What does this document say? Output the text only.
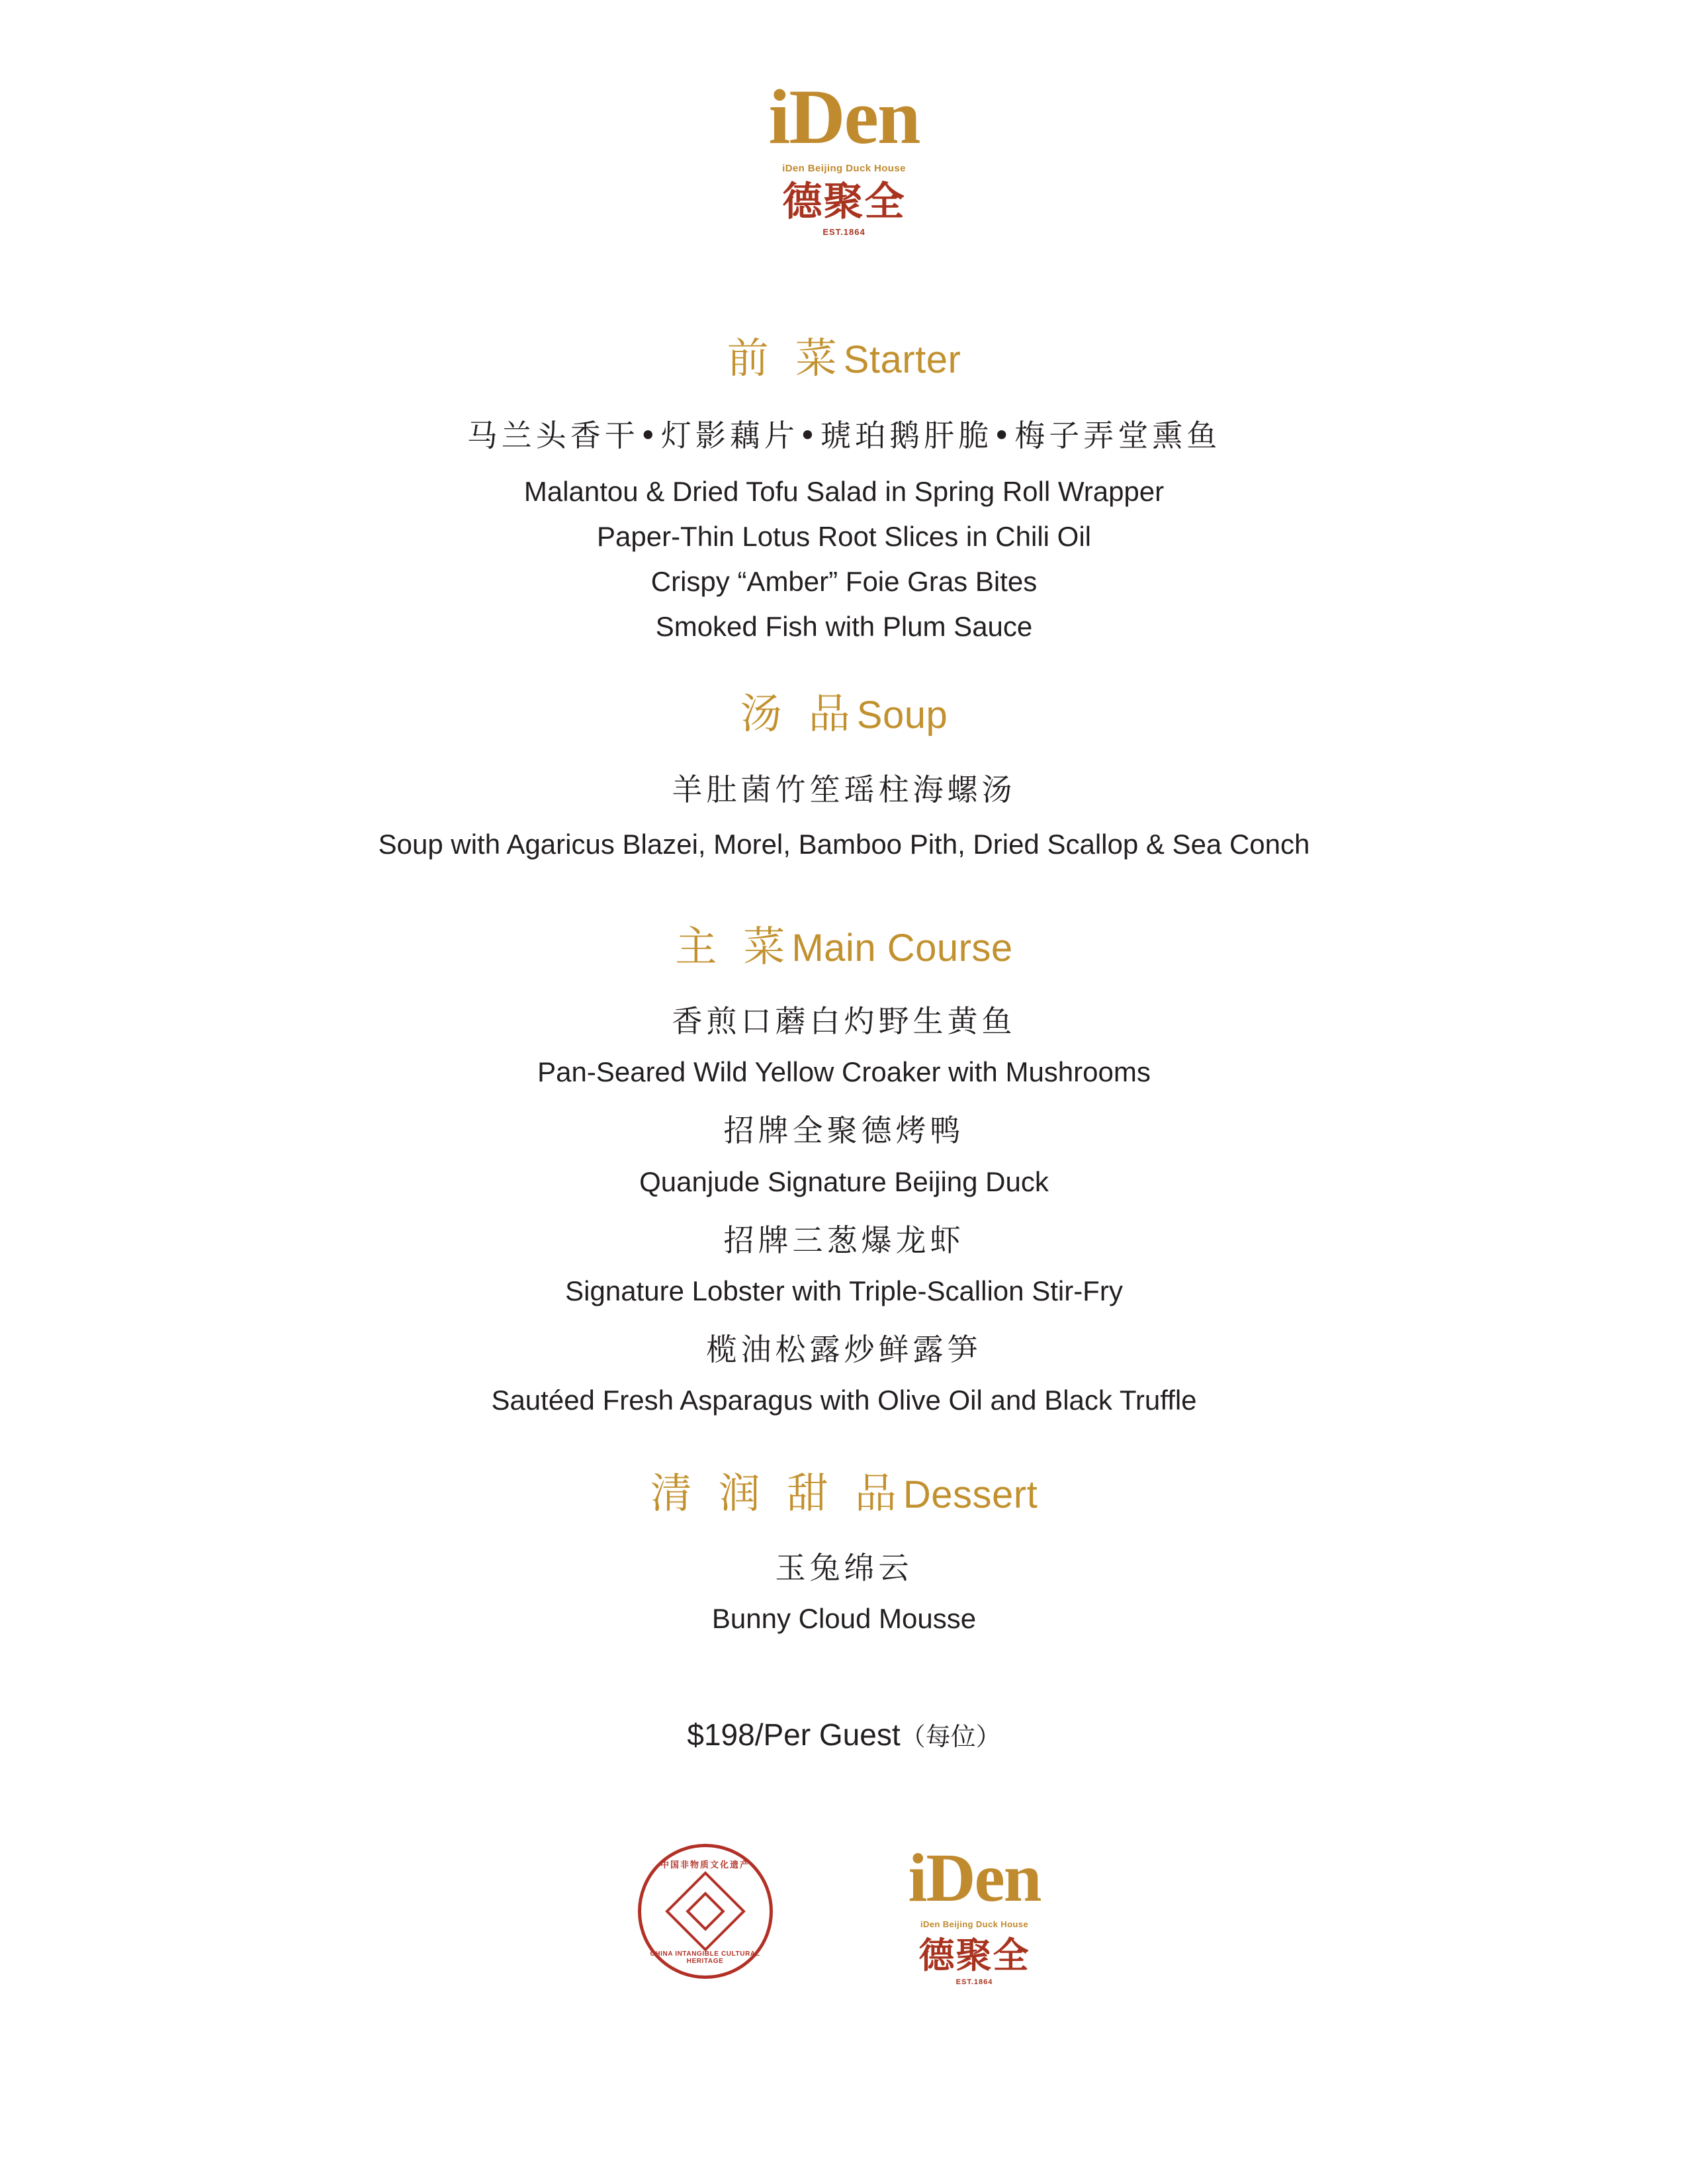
iDen
iDen Beijing Duck House
德聚全
EST.1864
前 菜Starter
马兰头香干•灯影藕片•琥珀鹅肝脆•梅子弄堂熏鱼
Malantou & Dried Tofu Salad in Spring Roll Wrapper
Paper-Thin Lotus Root Slices in Chili Oil
Crispy “Amber” Foie Gras Bites
Smoked Fish with Plum Sauce
汤 品Soup
羊肚菌竹笙瑶柱海螺汤
Soup with Agaricus Blazei, Morel, Bamboo Pith, Dried Scallop & Sea Conch
主 菜Main Course
香煎口蘑白灼野生黄鱼
Pan-Seared Wild Yellow Croaker with Mushrooms
招牌全聚德烤鸭
Quanjude Signature Beijing Duck
招牌三葱爆龙虾
Signature Lobster with Triple-Scallion Stir-Fry
榄油松露炒鲜露笋
Sautéed Fresh Asparagus with Olive Oil and Black Truffle
清 润 甜 品Dessert
玉兔绵云
Bunny Cloud Mousse
$198/Per Guest（每位）
中国非物质文化遗产
CHINA INTANGIBLE CULTURAL HERITAGE
iDen
iDen Beijing Duck House
德聚全
EST.1864
